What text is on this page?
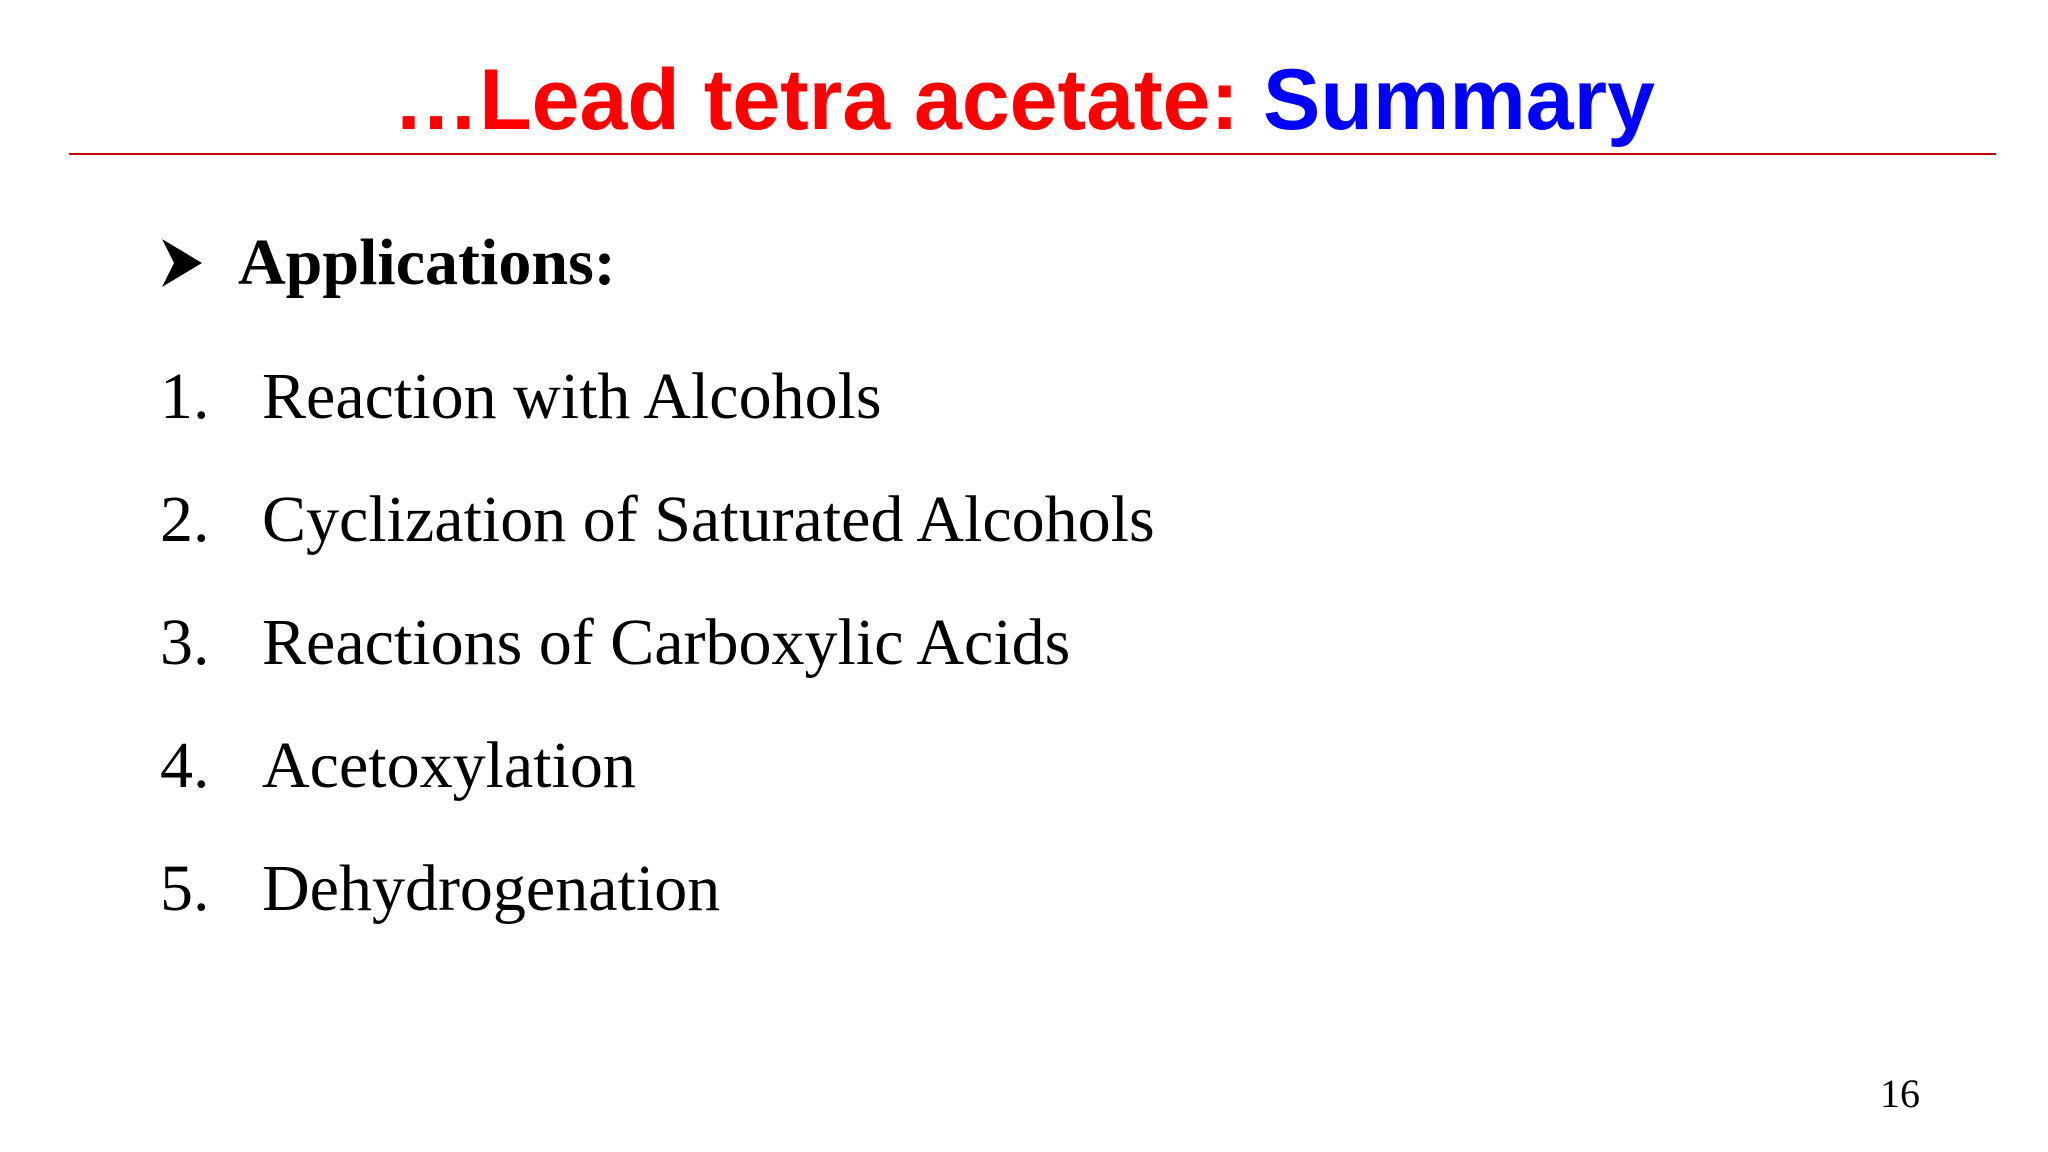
…Lead tetra acetate: Summary
Applications:
1. Reaction with Alcohols
2. Cyclization of Saturated Alcohols
3. Reactions of Carboxylic Acids
4. Acetoxylation
5. Dehydrogenation
16
